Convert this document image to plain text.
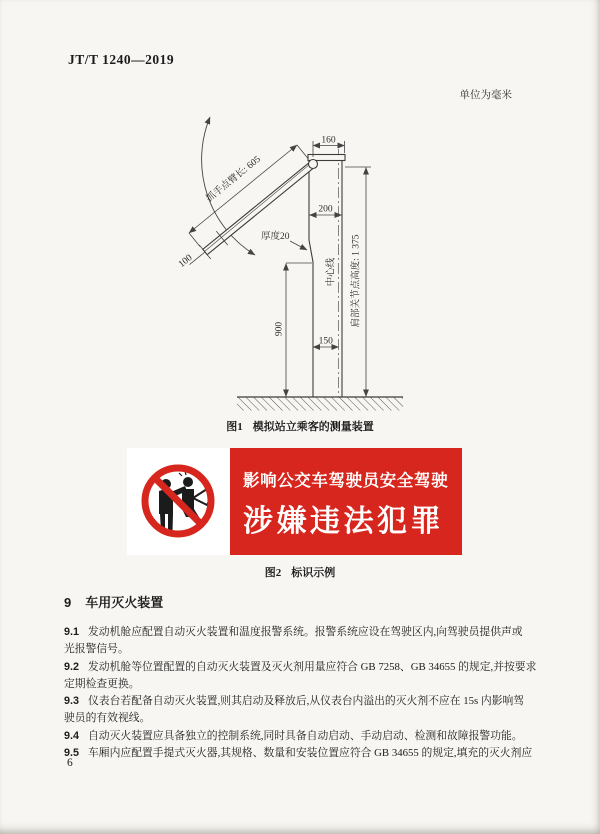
JT/T 1240—2019
单位为毫米
100
抓手点臂长: 605
厚度20
160
200
150
900
肩部关节点高度: 1 375
中心线
图1 模拟站立乘客的测量装置
影响公交车驾驶员安全驾驶
涉嫌违法犯罪
图2 标识示例
9 车用灭火装置
9.1 发动机舱应配置自动灭火装置和温度报警系统。报警系统应设在驾驶区内,向驾驶员提供声或
光报警信号。
9.2 发动机舱等位置配置的自动灭火装置及灭火剂用量应符合 GB 7258、GB 34655 的规定,并按要求
定期检查更换。
9.3 仪表台若配备自动灭火装置,则其启动及释放后,从仪表台内溢出的灭火剂不应在 15s 内影响驾
驶员的有效视线。
9.4 自动灭火装置应具备独立的控制系统,同时具备自动启动、手动启动、检测和故障报警功能。
9.5 车厢内应配置手提式灭火器,其规格、数量和安装位置应符合 GB 34655 的规定,填充的灭火剂应
6
